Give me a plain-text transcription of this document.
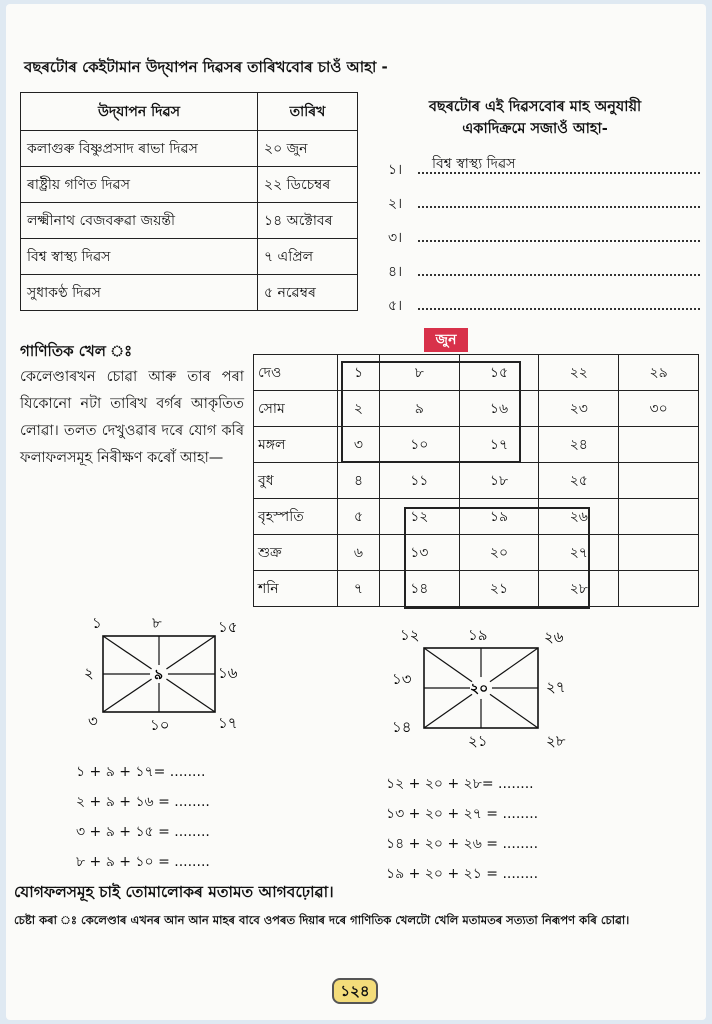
বছৰটোৰ কেইটামান উদ্‌যাপন দিৱসৰ তাৰিখবোৰ চাওঁ আহা -
উদ্‌যাপন দিৱস	তাৰিখ
কলাগুৰু বিষ্ণুপ্ৰসাদ ৰাভা দিৱস	২০ জুন
ৰাষ্ট্ৰীয় গণিত দিৱস	২২ ডিচেম্বৰ
লক্ষ্মীনাথ বেজবৰুৱা জয়ন্তী	১৪ অক্টোবৰ
বিশ্ব স্বাস্থ্য দিৱস	৭ এপ্ৰিল
সুধাকণ্ঠ দিৱস	৫ নৱেম্বৰ
বছৰটোৰ এই দিৱসবোৰ মাহ অনুযায়ী
একাদিক্ৰমে সজাওঁ আহা-
১।	বিশ্ব স্বাস্থ্য দিৱস
২।
৩।
৪।
৫।
জুন
গাণিতিক খেল ঃ
কেলেণ্ডাৰখন চোৱা আৰু তাৰ পৰা যিকোনো নটা তাৰিখ বৰ্গৰ আকৃতিত লোৱা। তলত দেখুওৱাৰ দৰে যোগ কৰি ফলাফলসমূহ নিৰীক্ষণ কৰোঁ আহা—
দেও	১	৮	১৫	২২	২৯
সোম	২	৯	১৬	২৩	৩০
মঙ্গল	৩	১০	১৭	২৪	
বুধ	৪	১১	১৮	২৫	
বৃহস্পতি	৫	১২	১৯	২৬	
শুক্ৰ	৬	১৩	২০	২৭	
শনি	৭	১৪	২১	২৮	
১	৮	১৫
২	৯	১৬
৩	১০	১৭
১২	১৯	২৬
১৩
২০	২৭
১৪
২১	২৮
১ + ৯ + ১৭= ........
২ + ৯ + ১৬ = ........
৩ + ৯ + ১৫ = ........
৮ + ৯ + ১০ = ........
১২ + ২০ + ২৮= ........
১৩ + ২০ + ২৭ = ........
১৪ + ২০ + ২৬ = ........
১৯ + ২০ + ২১ = ........
যোগফলসমূহ চাই তোমালোকৰ মতামত আগবঢ়োৱা।
চেষ্টা কৰা ঃ কেলেণ্ডাৰ এখনৰ আন আন মাহৰ বাবে ওপৰত দিয়াৰ দৰে গাণিতিক খেলটো খেলি মতামতৰ সত্যতা নিৰূপণ কৰি চোৱা।
১২৪
